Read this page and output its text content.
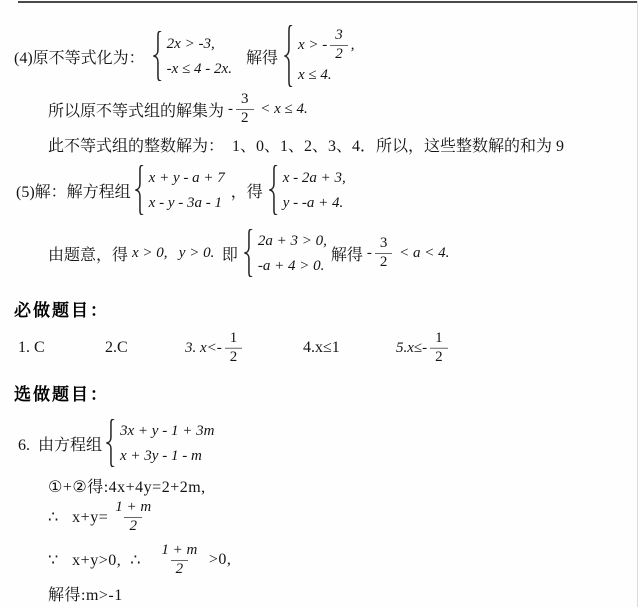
(4)原不等式化为：
2x > -3,
-x ≤ 4 - 2x.
解得
x > - $\frac{3}{2}$ ,
x ≤ 4.
所以原不等式组的解集为 - $\frac{3}{2} < x \le 4$.
此不等式组的整数解为：  1、0、1、2、3、4．所以，这些整数解的和为 9
(5)解：解方程组
x + y - a + 7
x - y - 3a - 1
，得
x - 2a + 3,
y - -a + 4.
由题意，得 x > 0,   y > 0. 即
2a + 3 > 0,
-a + 4 > 0.
解得 - $\frac{3}{2} < a < 4$.
必做题目：
1. C	2.C	3. $x<- \frac{1}{2}$	4.x≤1	$5.x\le- \frac{1}{2}$
选做题目：
6.  由方程组
3x + y - 1 + 3m
x + 3y - 1 - m
①+②得:4x+4y=2+2m,
∴   $x+y= \frac{1 + m}{2}$
∵   x+y>0,  ∴ $\frac{1 + m}{2} >0$,
解得:m>-1
